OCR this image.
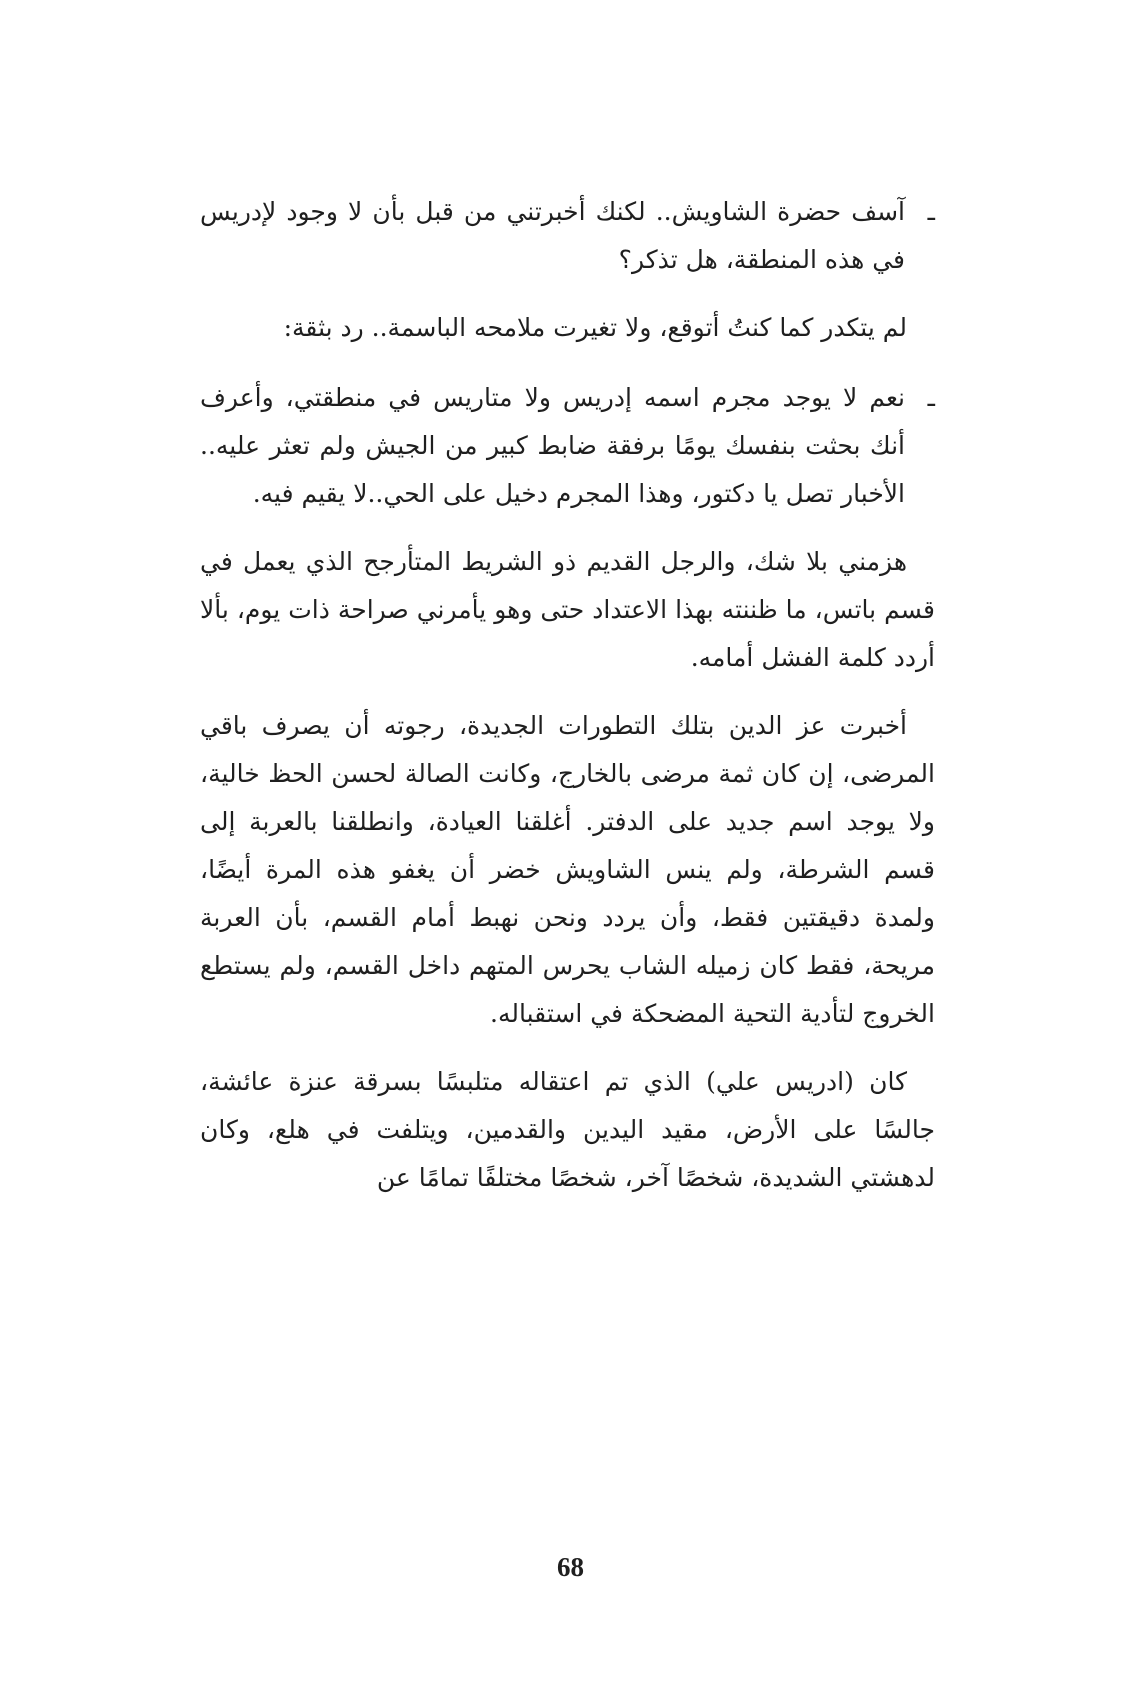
ـ
آسف حضرة الشاويش.. لكنك أخبرتني من قبل بأن لا وجود لإدريس في هذه المنطقة، هل تذكر؟

لم يتكدر كما كنتُ أتوقع، ولا تغيرت ملامحه الباسمة.. رد بثقة:

ـ
نعم لا يوجد مجرم اسمه إدريس ولا متاريس في منطقتي، وأعرف أنك بحثت بنفسك يومًا برفقة ضابط كبير من الجيش ولم تعثر عليه.. الأخبار تصل يا دكتور، وهذا المجرم دخيل على الحي..لا يقيم فيه.

هزمني بلا شك، والرجل القديم ذو الشريط المتأرجح الذي يعمل في قسم باتس، ما ظننته بهذا الاعتداد حتى وهو يأمرني صراحة ذات يوم، بألا أردد كلمة الفشل أمامه.

أخبرت عز الدين بتلك التطورات الجديدة، رجوته أن يصرف باقي المرضى، إن كان ثمة مرضى بالخارج، وكانت الصالة لحسن الحظ خالية، ولا يوجد اسم جديد على الدفتر. أغلقنا العيادة، وانطلقنا بالعربة إلى قسم الشرطة، ولم ينس الشاويش خضر أن يغفو هذه المرة أيضًا، ولمدة دقيقتين فقط، وأن يردد ونحن نهبط أمام القسم، بأن العربة مريحة، فقط كان زميله الشاب يحرس المتهم داخل القسم، ولم يستطع الخروج لتأدية التحية المضحكة في استقباله.

كان (ادريس علي) الذي تم اعتقاله متلبسًا بسرقة عنزة عائشة، جالسًا على الأرض، مقيد اليدين والقدمين، ويتلفت في هلع، وكان لدهشتي الشديدة، شخصًا آخر، شخصًا مختلفًا تمامًا عن

68
